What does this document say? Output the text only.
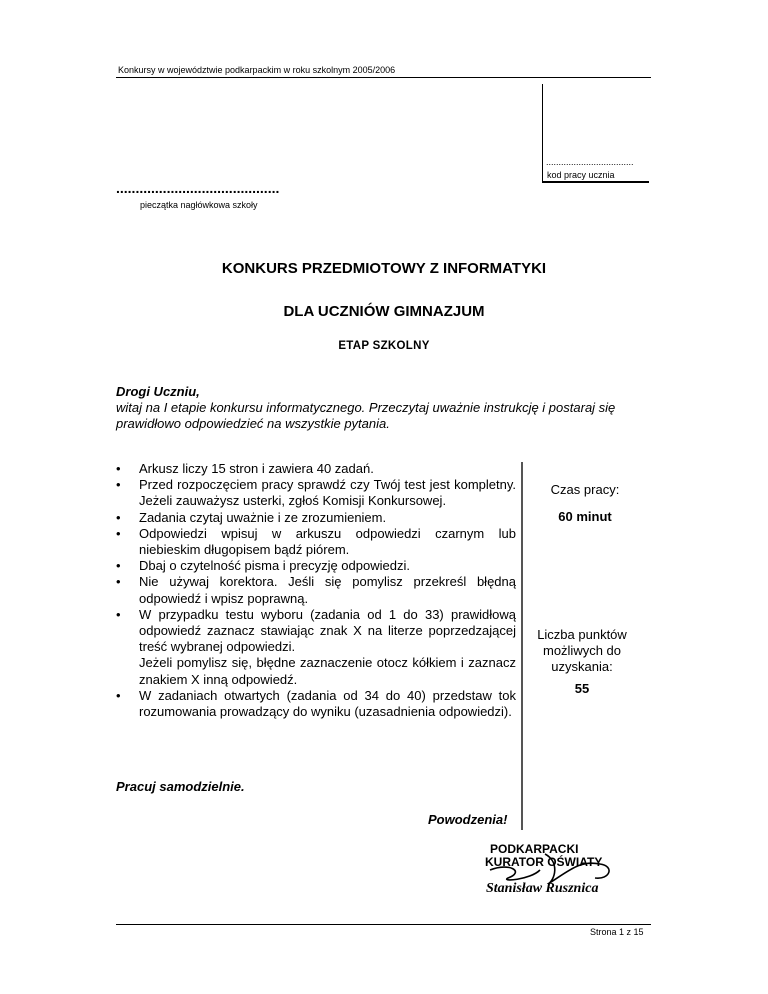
Konkursy w województwie podkarpackim w roku szkolnym 2005/2006
...................................
kod pracy ucznia
..........................................
pieczątka nagłówkowa szkoły
KONKURS PRZEDMIOTOWY Z INFORMATYKI
DLA UCZNIÓW GIMNAZJUM
ETAP SZKOLNY
Drogi Uczniu,
witaj na I etapie konkursu informatycznego. Przeczytaj uważnie instrukcję i postaraj się prawidłowo odpowiedzieć na wszystkie pytania.
• Arkusz liczy 15 stron i zawiera 40 zadań.
• Przed rozpoczęciem pracy sprawdź czy Twój test jest kompletny. Jeżeli zauważysz usterki, zgłoś Komisji Konkursowej.
• Zadania czytaj uważnie i ze zrozumieniem.
• Odpowiedzi wpisuj w arkuszu odpowiedzi czarnym lub niebieskim długopisem bądź piórem.
• Dbaj o czytelność pisma i precyzję odpowiedzi.
• Nie używaj korektora. Jeśli się pomylisz przekreśl błędną odpowiedź i wpisz poprawną.
• W przypadku testu wyboru (zadania od 1 do 33) prawidłową odpowiedź zaznacz stawiając znak X na literze poprzedzającej treść wybranej odpowiedzi.
Jeżeli pomylisz się, błędne zaznaczenie otocz kółkiem i zaznacz znakiem X inną odpowiedź.
• W zadaniach otwartych (zadania od 34 do 40) przedstaw tok rozumowania prowadzący do wyniku (uzasadnienia odpowiedzi).
Czas pracy:
60 minut
Liczba punktów możliwych do uzyskania:
55
Pracuj samodzielnie.
Powodzenia!
PODKARPACKI
KURATOR OŚWIATY
Stanisław Rusznica
Strona 1 z 15
